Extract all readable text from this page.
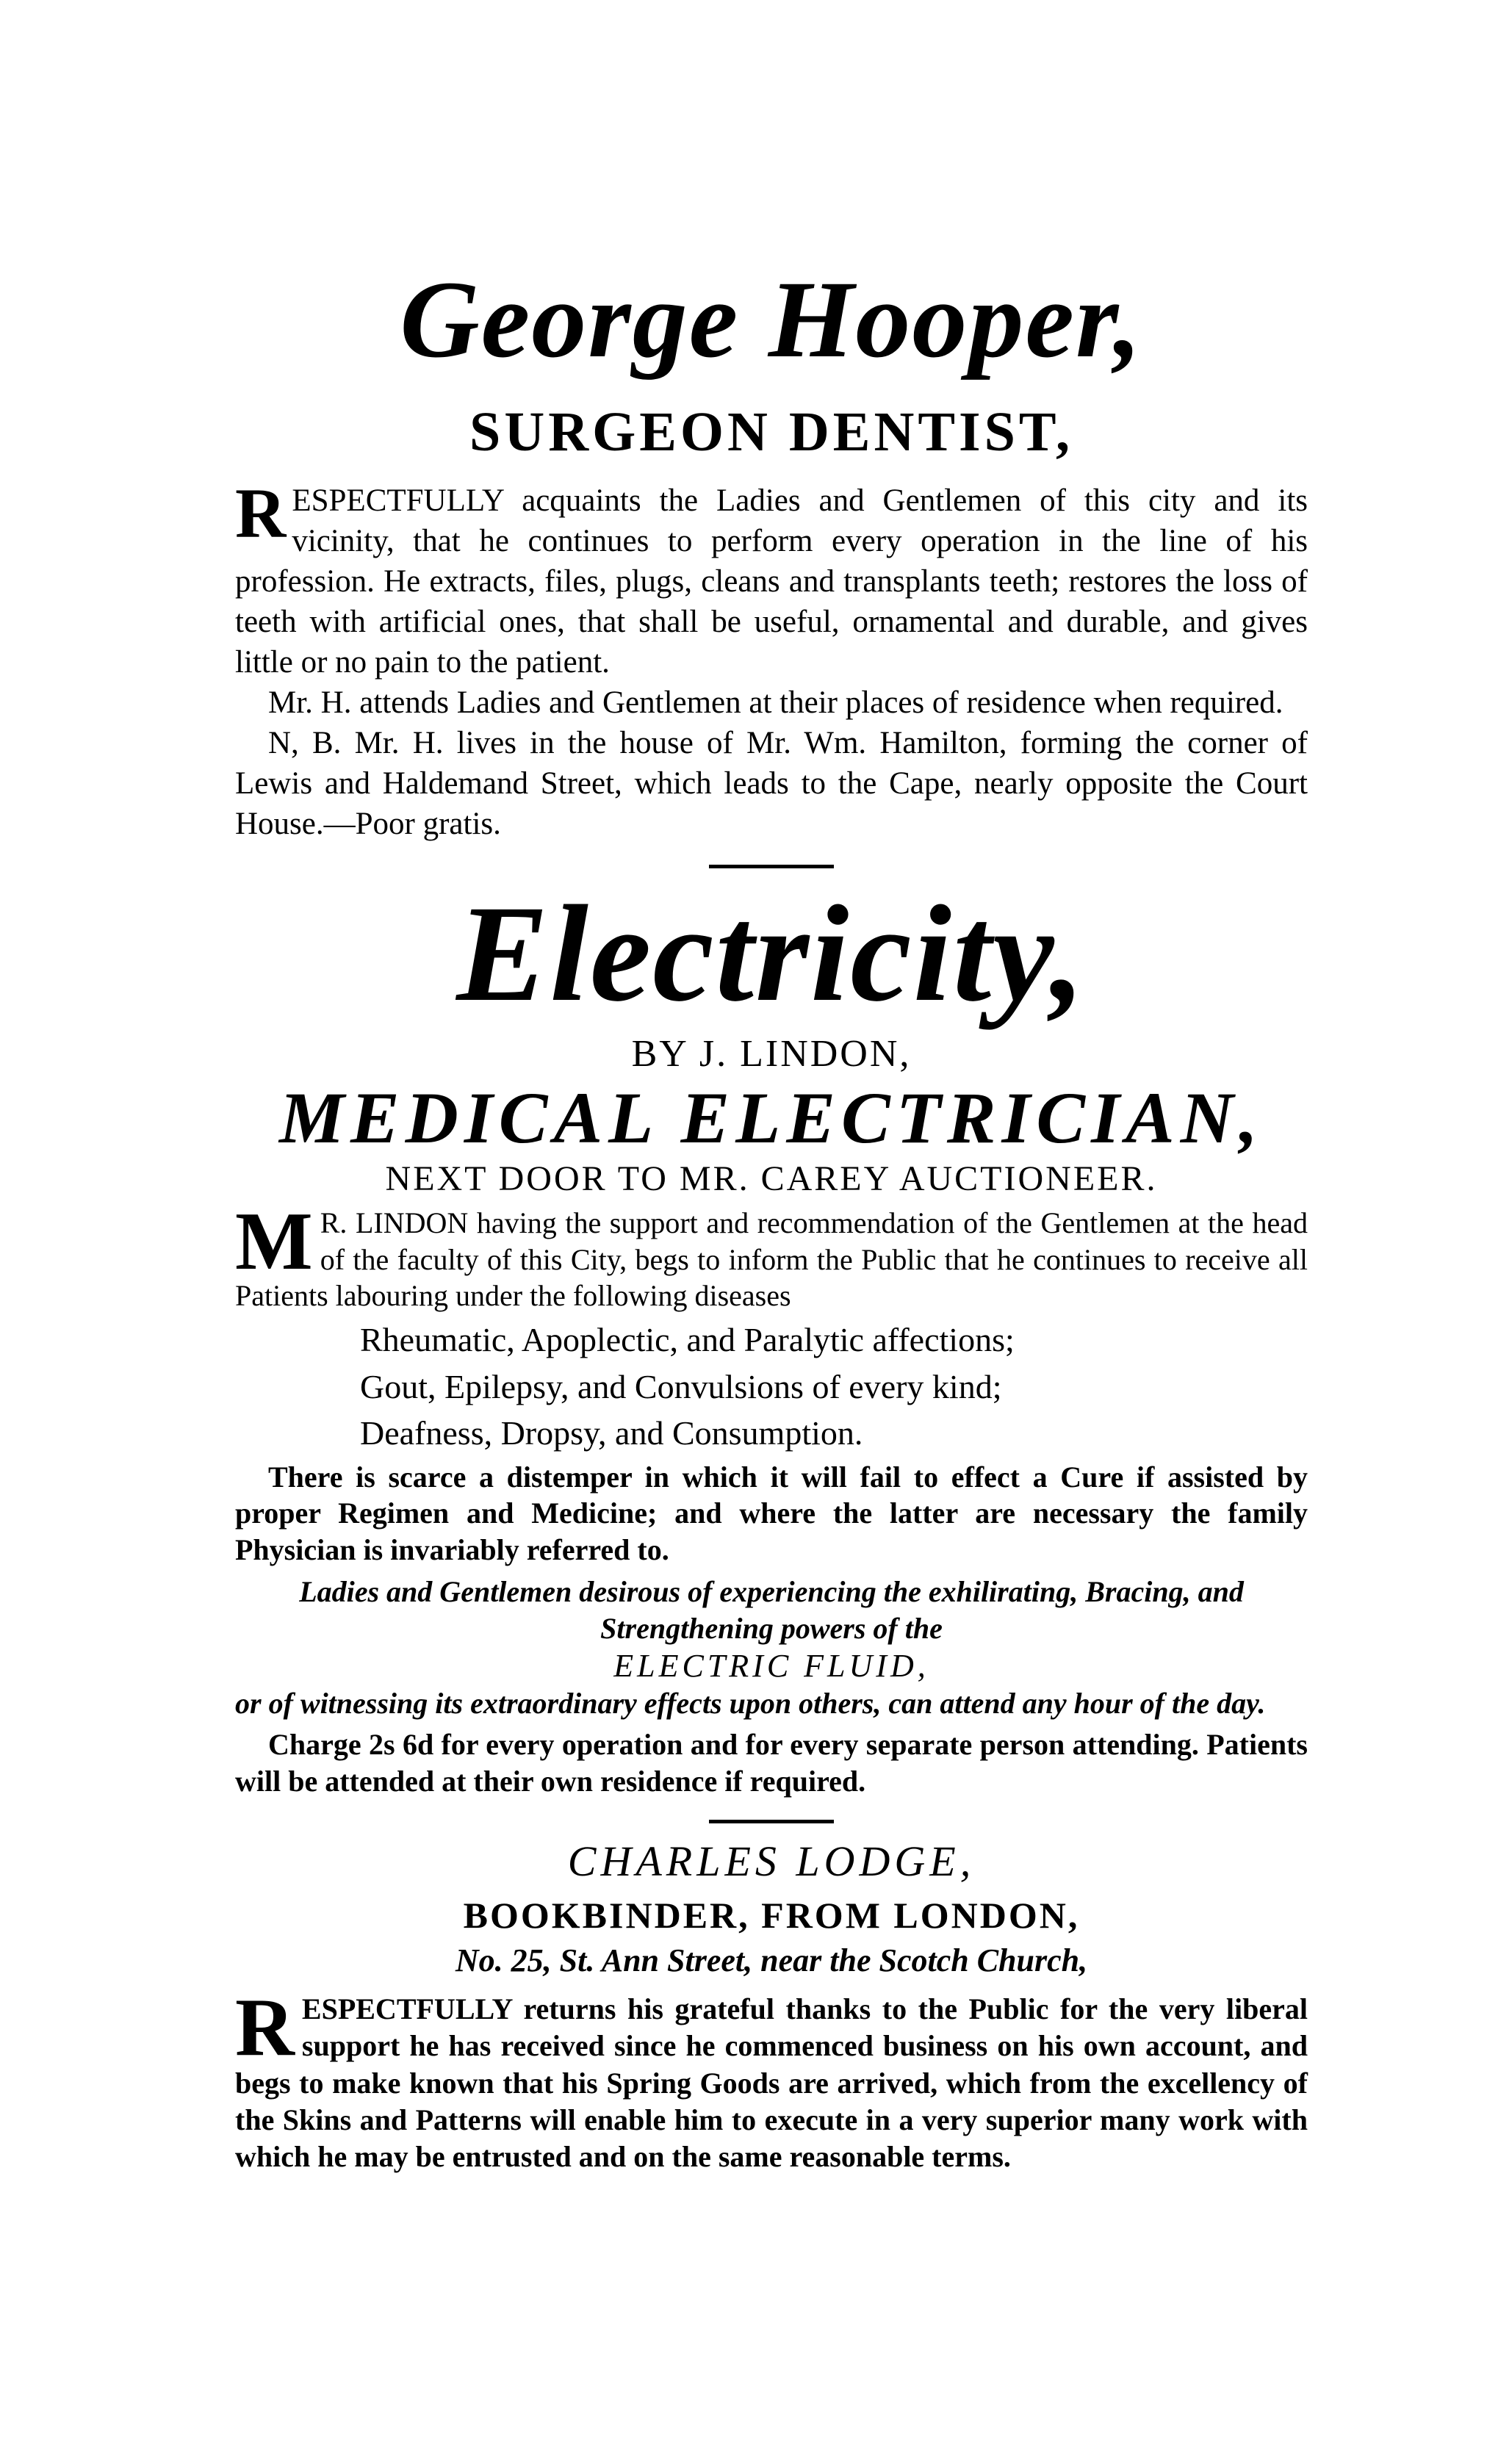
George Hooper,
SURGEON DENTIST,

RESPECTFULLY acquaints the Ladies and Gentlemen of this city and its vicinity, that he continues to perform every operation in the line of his profession. He extracts, files, plugs, cleans and transplants teeth; restores the loss of teeth with artificial ones, that shall be useful, ornamental and durable, and gives little or no pain to the patient.

Mr. H. attends Ladies and Gentlemen at their places of residence when required.

N, B. Mr. H. lives in the house of Mr. Wm. Hamilton, forming the corner of Lewis and Haldemand Street, which leads to the Cape, nearly opposite the Court House.—Poor gratis.

Electricity,

BY J. LINDON,

MEDICAL ELECTRICIAN,

NEXT DOOR TO MR. CAREY AUCTIONEER.

M R. LINDON having the support and recommendation of the Gentlemen at the head of the faculty of this City, begs to inform the Public that he continues to receive all Patients labouring under the following diseases

Rheumatic, Apoplectic, and Paralytic affections;

Gout, Epilepsy, and Convulsions of every kind;

Deafness, Dropsy, and Consumption.

There is scarce a distemper in which it will fail to effect a Cure if assisted by proper Regimen and Medicine; and where the latter are necessary the family Physician is invariably referred to.

Ladies and Gentlemen desirous of experiencing the exhilirating, Bracing, and Strengthening powers of the

ELECTRIC FLUID,

or of witnessing its extraordinary effects upon others, can attend any hour of the day.

Charge 2s 6d for every operation and for every separate person attending. Patients will be attended at their own residence if required.

CHARLES LODGE,

BOOKBINDER, FROM LONDON,

No. 25, St. Ann Street, near the Scotch Church,

RESPECTFULLY returns his grateful thanks to the Public for the very liberal support he has received since he commenced business on his own account, and begs to make known that his Spring Goods are arrived, which from the excellency of the Skins and Patterns will enable him to execute in a very superior many work with which he may be entrusted and on the same reasonable terms.
